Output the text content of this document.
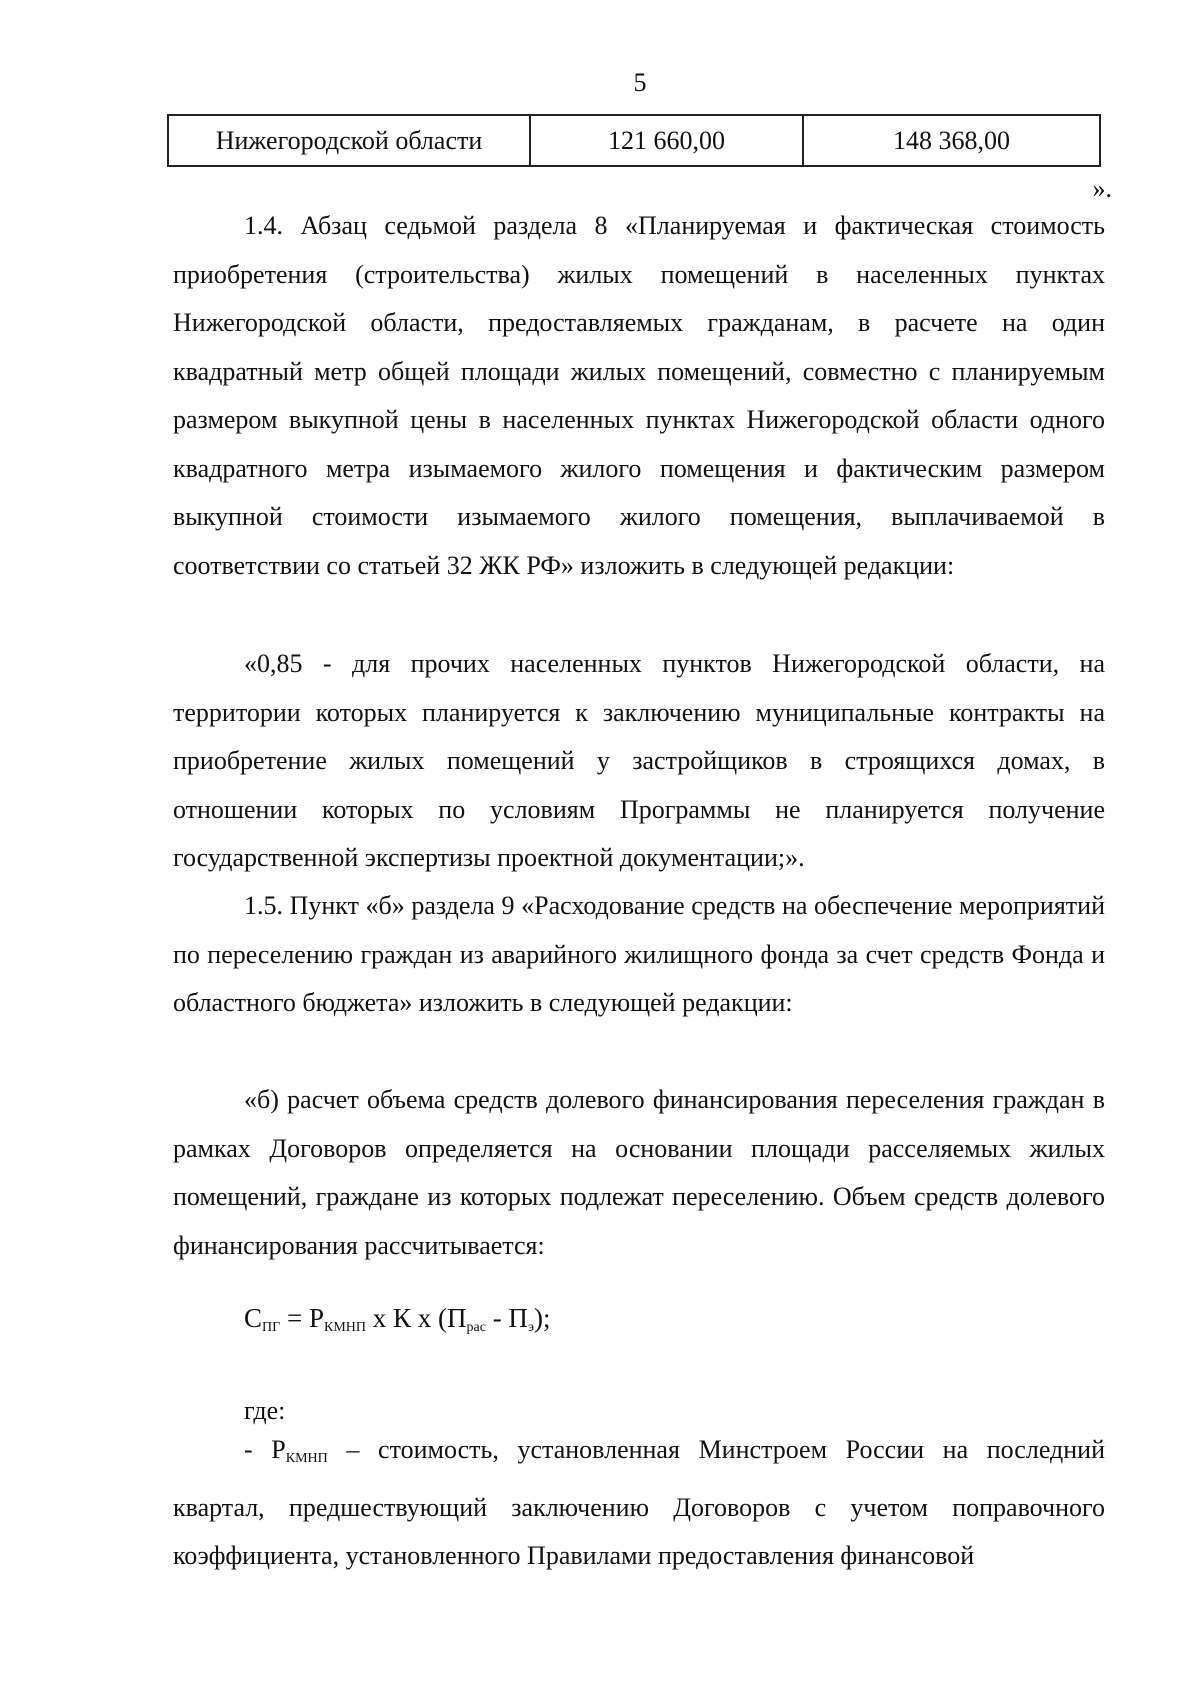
5
Нижегородской области	121 660,00	148 368,00
».

1.4. Абзац седьмой раздела 8 «Планируемая и фактическая стоимость приобретения (строительства) жилых помещений в населенных пунктах Нижегородской области, предоставляемых гражданам, в расчете на один квадратный метр общей площади жилых помещений, совместно с планируемым размером выкупной цены в населенных пунктах Нижегородской области одного квадратного метра изымаемого жилого помещения и фактическим размером выкупной стоимости изымаемого жилого помещения, выплачиваемой в соответствии со статьей 32 ЖК РФ» изложить в следующей редакции:

«0,85 - для прочих населенных пунктов Нижегородской области, на территории которых планируется к заключению муниципальные контракты на приобретение жилых помещений у застройщиков в строящихся домах, в отношении которых по условиям Программы не планируется получение государственной экспертизы проектной документации;».

1.5. Пункт «б» раздела 9 «Расходование средств на обеспечение мероприятий по переселению граждан из аварийного жилищного фонда за счет средств Фонда и областного бюджета» изложить в следующей редакции:

«б) расчет объема средств долевого финансирования переселения граждан в рамках Договоров определяется на основании площади расселяемых жилых помещений, граждане из которых подлежат переселению. Объем средств долевого финансирования рассчитывается:

$С_{ПГ} = Р_{КМНП}$ х К х $(П_{рас} - П_э)$;
где:

- $Р_{КМНП}$ – стоимость, установленная Минстроем России на последний квартал, предшествующий заключению Договоров с учетом поправочного коэффициента, установленного Правилами предоставления финансовой
